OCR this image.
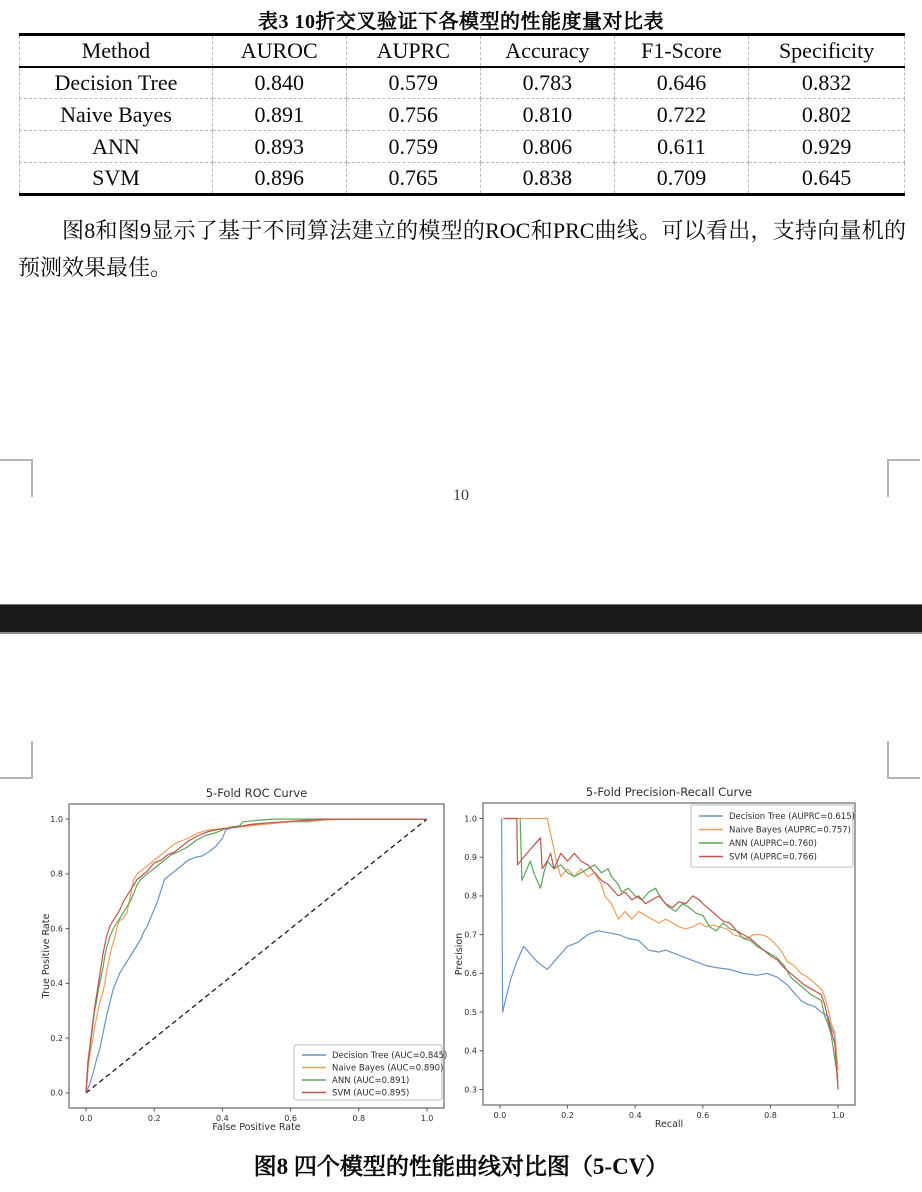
表3 10折交叉验证下各模型的性能度量对比表
Method	AUROC	AUPRC	Accuracy	F1-Score	Specificity
Decision Tree	0.840	0.579	0.783	0.646	0.832
Naive Bayes	0.891	0.756	0.810	0.722	0.802
ANN	0.893	0.759	0.806	0.611	0.929
SVM	0.896	0.765	0.838	0.709	0.645

图8和图9显示了基于不同算法建立的模型的ROC和PRC曲线。可以看出，支持向量机的预测效果最佳。

10
0.0	0.2	0.4	0.6	0.8	1.0
0.0
0.2
0.4
0.6
0.8
1.0
5-Fold ROC Curve
False Positive Rate
True Positive Rate
Decision Tree (AUC=0.845)
Naive Bayes (AUC=0.890)
ANN (AUC=0.891)
SVM (AUC=0.895)
0.0	0.2	0.4	0.6	0.8	1.0
0.3
0.4
0.5
0.6
0.7
0.8
0.9
1.0
5-Fold Precision-Recall Curve
Recall
Precision
Decision Tree (AUPRC=0.615)
Naive Bayes (AUPRC=0.757)
ANN (AUPRC=0.760)
SVM (AUPRC=0.766)
图8 四个模型的性能曲线对比图（5-CV）
